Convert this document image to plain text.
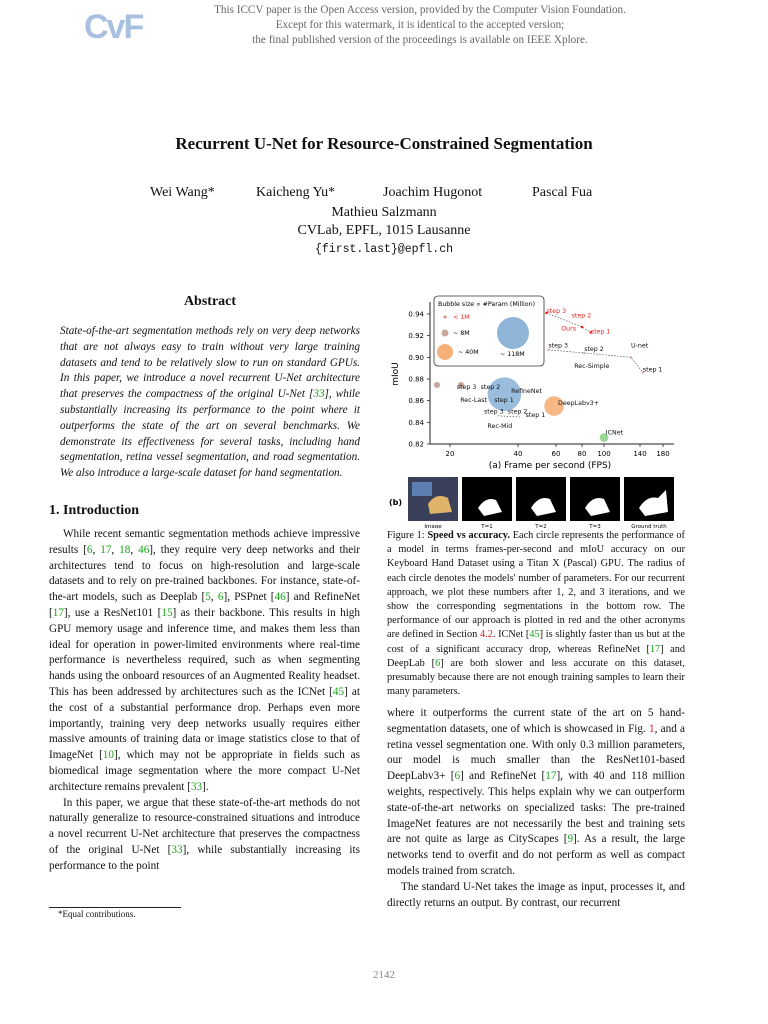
CvF	This ICCV paper is the Open Access version, provided by the Computer Vision Foundation.
Except for this watermark, it is identical to the accepted version;
the final published version of the proceedings is available on IEEE Xplore.
Recurrent U-Net for Resource-Constrained Segmentation
Wei Wang*	Kaicheng Yu*	Joachim Hugonot	Pascal Fua
Mathieu Salzmann
CVLab, EPFL, 1015 Lausanne
{first.last}@epfl.ch
Abstract

State-of-the-art segmentation methods rely on very deep networks that are not always easy to train without very large training datasets and tend to be relatively slow to run on standard GPUs. In this paper, we introduce a novel recurrent U-Net architecture that preserves the compactness of the original U-Net [33], while substantially increasing its performance to the point where it outperforms the state of the art on several benchmarks. We demonstrate its effectiveness for several tasks, including hand segmentation, retina vessel segmentation, and road segmentation. We also introduce a large-scale dataset for hand segmentation.

1. Introduction

While recent semantic segmentation methods achieve impressive results [6, 17, 18, 46], they require very deep networks and their architectures tend to focus on high-resolution and large-scale datasets and to rely on pre-trained backbones. For instance, state-of-the-art models, such as Deeplab [5, 6], PSPnet [46] and RefineNet [17], use a ResNet101 [15] as their backbone. This results in high GPU memory usage and inference time, and makes them less than ideal for operation in power-limited environments where real-time performance is nevertheless required, such as when segmenting hands using the onboard resources of an Augmented Reality headset. This has been addressed by architectures such as the ICNet [45] at the cost of a substantial performance drop. Perhaps even more importantly, training very deep networks usually requires either massive amounts of training data or image statistics close to that of ImageNet [10], which may not be appropriate in fields such as biomedical image segmentation where the more compact U-Net architecture remains prevalent [33].

In this paper, we argue that these state-of-the-art methods do not naturally generalize to resource-constrained situations and introduce a novel recurrent U-Net architecture that preserves the compactness of the original U-Net [33], while substantially increasing its performance to the point

*Equal contributions.
mIoU
(a) Frame per second (FPS)
Bubble size ∝ #Param (Million)
< 1M
~ 8M
~ 40M	~ 118M
0.82
0.84
0.86
0.88
0.90
0.92
0.94
20	40	60 80 100	140 180
RefineNet
DeepLabv3+
ICNet
step 3 step 2
Rec-Last step 1
step 3 step 2
step 1
Rec-Mid
step 3
step 2
Ours step 1
step 3	step 2	U-net
Rec-Simple	step 1
(b)
Image	T=1	T=2	T=3	Ground truth

Figure 1: Speed vs accuracy. Each circle represents the performance of a model in terms frames-per-second and mIoU accuracy on our Keyboard Hand Dataset using a Titan X (Pascal) GPU. The radius of each circle denotes the models' number of parameters. For our recurrent approach, we plot these numbers after 1, 2, and 3 iterations, and we show the corresponding segmentations in the bottom row. The performance of our approach is plotted in red and the other acronyms are defined in Section 4.2. ICNet [45] is slightly faster than us but at the cost of a significant accuracy drop, whereas RefineNet [17] and DeepLab [6] are both slower and less accurate on this dataset, presumably because there are not enough training samples to learn their many parameters.

where it outperforms the current state of the art on 5 hand-segmentation datasets, one of which is showcased in Fig. 1, and a retina vessel segmentation one. With only 0.3 million parameters, our model is much smaller than the ResNet101-based DeepLabv3+ [6] and RefineNet [17], with 40 and 118 million weights, respectively. This helps explain why we can outperform state-of-the-art networks on specialized tasks: The pre-trained ImageNet features are not necessarily the best and training sets are not quite as large as CityScapes [9]. As a result, the large networks tend to overfit and do not perform as well as compact models trained from scratch.

The standard U-Net takes the image as input, processes it, and directly returns an output. By contrast, our recurrent

2142
